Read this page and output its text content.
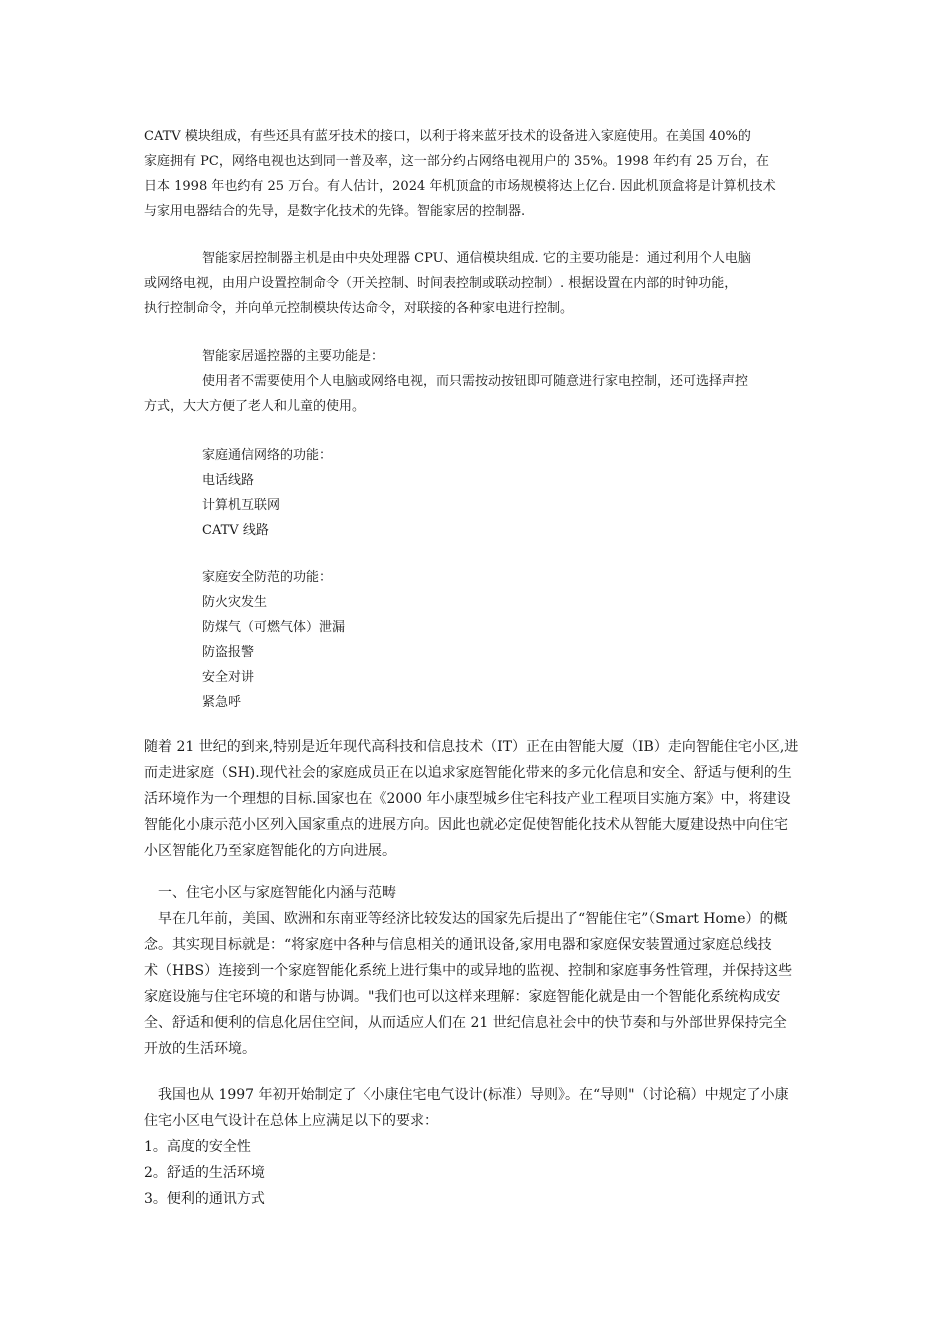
CATV 模块组成，有些还具有蓝牙技术的接口，以利于将来蓝牙技术的设备进入家庭使用。在美国 40%的
家庭拥有 PC，网络电视也达到同一普及率，这一部分约占网络电视用户的 35%。1998 年约有 25 万台，在
日本 1998 年也约有 25 万台。有人估计，2024 年机顶盒的市场规模将达上亿台. 因此机顶盒将是计算机技术
与家用电器结合的先导，是数字化技术的先锋。智能家居的控制器.
智能家居控制器主机是由中央处理器 CPU、通信模块组成. 它的主要功能是：通过利用个人电脑
或网络电视，由用户设置控制命令（开关控制、时间表控制或联动控制）. 根据设置在内部的时钟功能，
执行控制命令，并向单元控制模块传达命令，对联接的各种家电进行控制。
智能家居遥控器的主要功能是：
使用者不需要使用个人电脑或网络电视，而只需按动按钮即可随意进行家电控制，还可选择声控
方式，大大方便了老人和儿童的使用。
家庭通信网络的功能：
电话线路
计算机互联网
CATV 线路
家庭安全防范的功能：
防火灾发生
防煤气（可燃气体）泄漏
防盗报警
安全对讲
紧急呼
随着 21 世纪的到来,特别是近年现代高科技和信息技术（IT）正在由智能大厦（IB）走向智能住宅小区,进
而走进家庭（SH).现代社会的家庭成员正在以追求家庭智能化带来的多元化信息和安全、舒适与便利的生
活环境作为一个理想的目标.国家也在《2000 年小康型城乡住宅科技产业工程项目实施方案》中，将建设
智能化小康示范小区列入国家重点的进展方向。因此也就必定促使智能化技术从智能大厦建设热中向住宅
小区智能化乃至家庭智能化的方向进展。
一、住宅小区与家庭智能化内涵与范畴
早在几年前，美国、欧洲和东南亚等经济比较发达的国家先后提出了“智能住宅”（Smart Home）的概
念。其实现目标就是：“将家庭中各种与信息相关的通讯设备,家用电器和家庭保安装置通过家庭总线技
术（HBS）连接到一个家庭智能化系统上进行集中的或异地的监视、控制和家庭事务性管理，并保持这些
家庭设施与住宅环境的和谐与协调。"我们也可以这样来理解：家庭智能化就是由一个智能化系统构成安
全、舒适和便利的信息化居住空间，从而适应人们在 21 世纪信息社会中的快节奏和与外部世界保持完全
开放的生活环境。
我国也从 1997 年初开始制定了〈小康住宅电气设计(标准）导则》。在“导则"（讨论稿）中规定了小康
住宅小区电气设计在总体上应满足以下的要求：
1。高度的安全性
2。舒适的生活环境
3。便利的通讯方式
